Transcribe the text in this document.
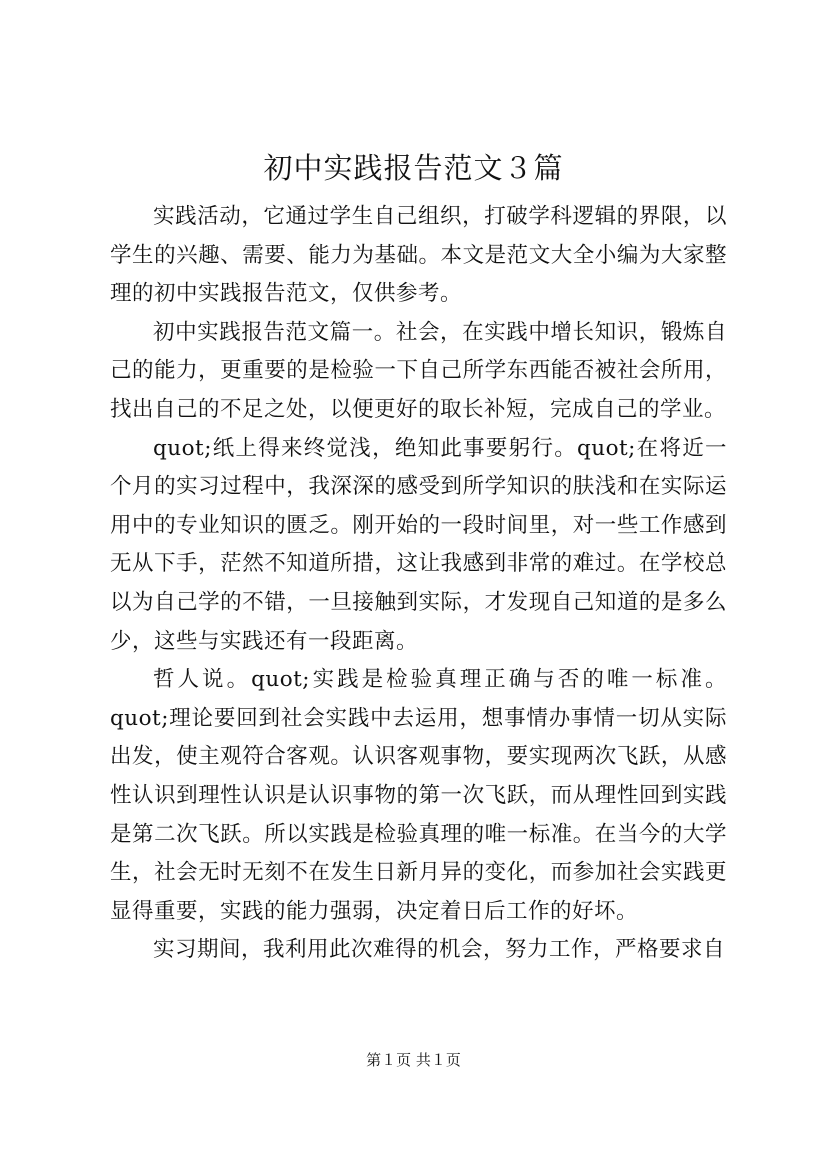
初中实践报告范文３篇

实践活动，它通过学生自己组织，打破学科逻辑的界限，以学生的兴趣、需要、能力为基础。本文是范文大全小编为大家整理的初中实践报告范文，仅供参考。

初中实践报告范文篇一。社会，在实践中增长知识，锻炼自己的能力，更重要的是检验一下自己所学东西能否被社会所用，找出自己的不足之处，以便更好的取长补短，完成自己的学业。

quot;纸上得来终觉浅，绝知此事要躬行。quot;在将近一个月的实习过程中，我深深的感受到所学知识的肤浅和在实际运用中的专业知识的匮乏。刚开始的一段时间里，对一些工作感到无从下手，茫然不知道所措，这让我感到非常的难过。在学校总以为自己学的不错，一旦接触到实际，才发现自己知道的是多么少，这些与实践还有一段距离。

哲人说。quot;实践是检验真理正确与否的唯一标准。quot;理论要回到社会实践中去运用，想事情办事情一切从实际出发，使主观符合客观。认识客观事物，要实现两次飞跃，从感性认识到理性认识是认识事物的第一次飞跃，而从理性回到实践是第二次飞跃。所以实践是检验真理的唯一标准。在当今的大学生，社会无时无刻不在发生日新月异的变化，而参加社会实践更显得重要，实践的能力强弱，决定着日后工作的好坏。

实习期间，我利用此次难得的机会，努力工作，严格要求自

第１页 共１页
